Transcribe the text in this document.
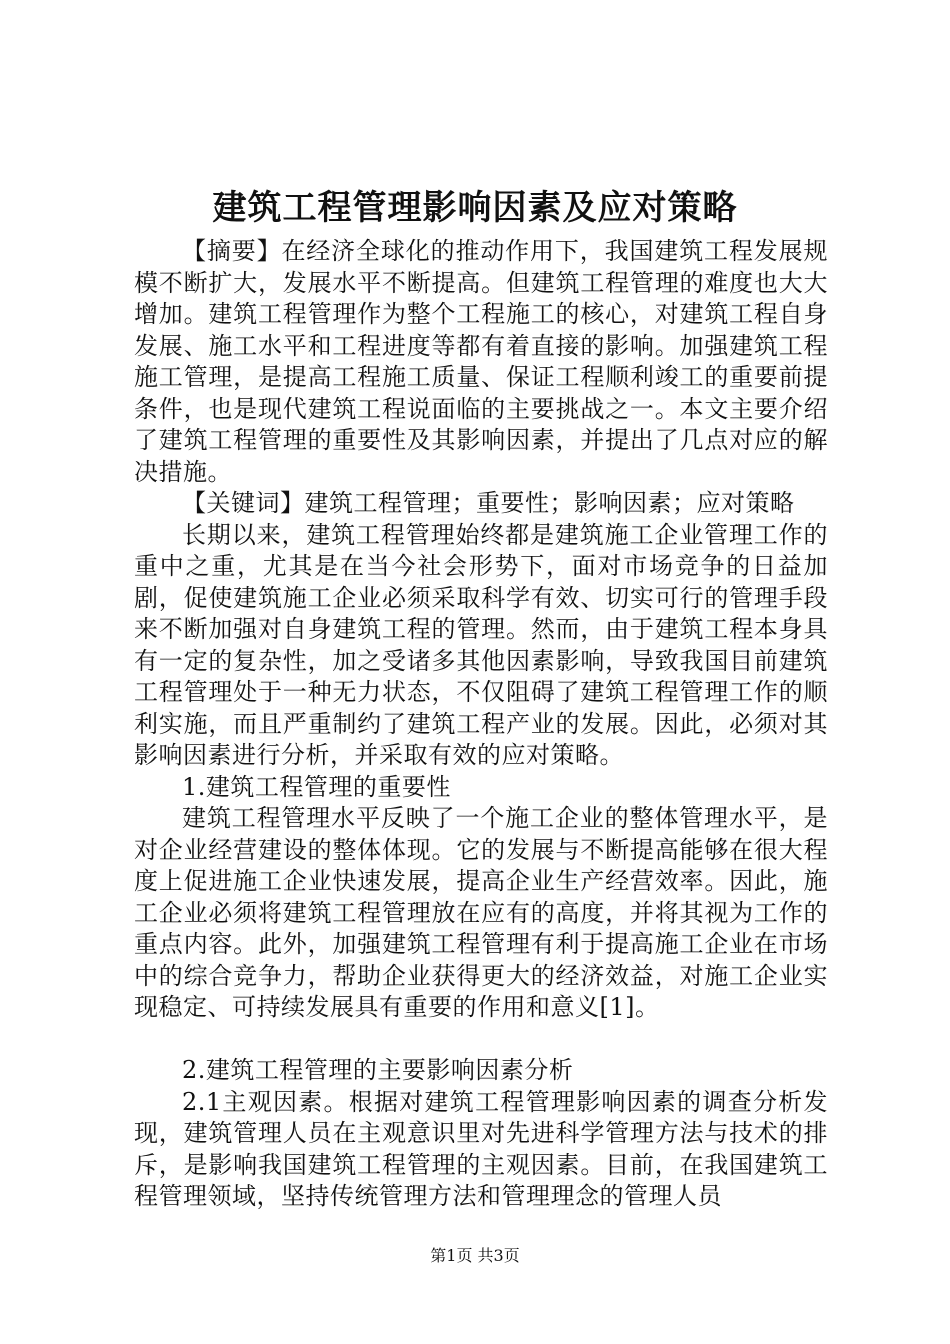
建筑工程管理影响因素及应对策略

【摘要】在经济全球化的推动作用下，我国建筑工程发展规模不断扩大，发展水平不断提高。但建筑工程管理的难度也大大增加。建筑工程管理作为整个工程施工的核心，对建筑工程自身发展、施工水平和工程进度等都有着直接的影响。加强建筑工程施工管理，是提高工程施工质量、保证工程顺利竣工的重要前提条件，也是现代建筑工程说面临的主要挑战之一。本文主要介绍了建筑工程管理的重要性及其影响因素，并提出了几点对应的解决措施。

【关键词】建筑工程管理；重要性；影响因素；应对策略

长期以来，建筑工程管理始终都是建筑施工企业管理工作的重中之重，尤其是在当今社会形势下，面对市场竞争的日益加剧，促使建筑施工企业必须采取科学有效、切实可行的管理手段来不断加强对自身建筑工程的管理。然而，由于建筑工程本身具有一定的复杂性，加之受诸多其他因素影响，导致我国目前建筑工程管理处于一种无力状态，不仅阻碍了建筑工程管理工作的顺利实施，而且严重制约了建筑工程产业的发展。因此，必须对其影响因素进行分析，并采取有效的应对策略。

1.建筑工程管理的重要性

建筑工程管理水平反映了一个施工企业的整体管理水平，是对企业经营建设的整体体现。它的发展与不断提高能够在很大程度上促进施工企业快速发展，提高企业生产经营效率。因此，施工企业必须将建筑工程管理放在应有的高度，并将其视为工作的重点内容。此外，加强建筑工程管理有利于提高施工企业在市场中的综合竞争力，帮助企业获得更大的经济效益，对施工企业实现稳定、可持续发展具有重要的作用和意义[1]。

2.建筑工程管理的主要影响因素分析

2.1主观因素。根据对建筑工程管理影响因素的调查分析发现，建筑管理人员在主观意识里对先进科学管理方法与技术的排斥，是影响我国建筑工程管理的主观因素。目前，在我国建筑工程管理领域，坚持传统管理方法和管理理念的管理人员

第1页 共3页
